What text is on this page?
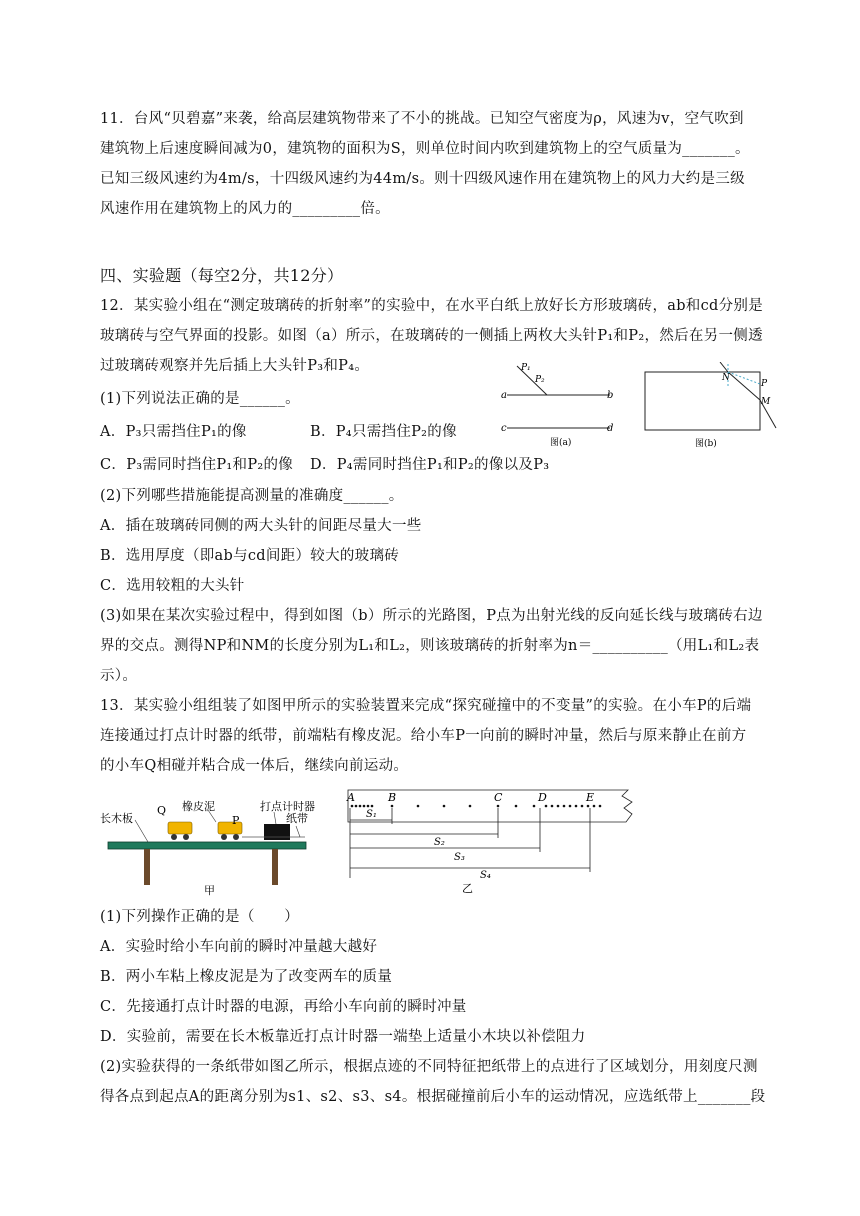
11．台风“贝碧嘉”来袭，给高层建筑物带来了不小的挑战。已知空气密度为ρ，风速为v，空气吹到
建筑物上后速度瞬间减为0，建筑物的面积为S，则单位时间内吹到建筑物上的空气质量为_______。
已知三级风速约为4m/s，十四级风速约为44m/s。则十四级风速作用在建筑物上的风力大约是三级
风速作用在建筑物上的风力的_________倍。
四、实验题（每空2分，共12分）
12．某实验小组在“测定玻璃砖的折射率”的实验中，在水平白纸上放好长方形玻璃砖，ab和cd分别是
玻璃砖与空气界面的投影。如图（a）所示，在玻璃砖的一侧插上两枚大头针P₁和P₂，然后在另一侧透
过玻璃砖观察并先后插上大头针P₃和P₄。
(1)下列说法正确的是______。
A．P₃只需挡住P₁的像	B．P₄只需挡住P₂的像
C．P₃需同时挡住P₁和P₂的像 D．P₄需同时挡住P₁和P₂的像以及P₃
(2)下列哪些措施能提高测量的准确度______。
A．插在玻璃砖同侧的两大头针的间距尽量大一些
B．选用厚度（即ab与cd间距）较大的玻璃砖
C．选用较粗的大头针
(3)如果在某次实验过程中，得到如图（b）所示的光路图，P点为出射光线的反向延长线与玻璃砖右边
界的交点。测得NP和NM的长度分别为L₁和L₂，则该玻璃砖的折射率为n＝__________（用L₁和L₂表
示）。
a	b
c	d
P₁
P₂
图(a)
N
P
M
图(b)
13．某实验小组组装了如图甲所示的实验装置来完成“探究碰撞中的不变量”的实验。在小车P的后端
连接通过打点计时器的纸带，前端粘有橡皮泥。给小车P一向前的瞬时冲量，然后与原来静止在前方
的小车Q相碰并粘合成一体后，继续向前运动。
长木板
Q 橡皮泥
P
打点计时器
纸带
甲
A	B	C	D	E
S₁
S₂
S₃
S₄
乙
(1)下列操作正确的是（　　）
A．实验时给小车向前的瞬时冲量越大越好
B．两小车粘上橡皮泥是为了改变两车的质量
C．先接通打点计时器的电源，再给小车向前的瞬时冲量
D．实验前，需要在长木板靠近打点计时器一端垫上适量小木块以补偿阻力
(2)实验获得的一条纸带如图乙所示，根据点迹的不同特征把纸带上的点进行了区域划分，用刻度尺测
得各点到起点A的距离分别为s1、s2、s3、s4。根据碰撞前后小车的运动情况，应选纸带上_______段
